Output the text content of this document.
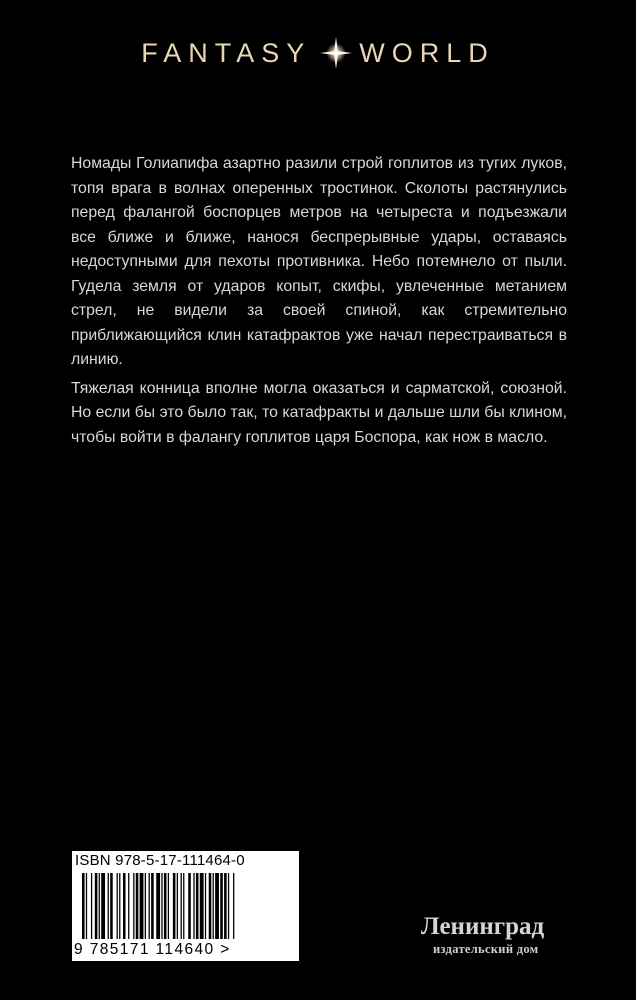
FANTASY WORLD

Номады Голиапифа азартно разили строй гоплитов из тугих луков, топя врага в волнах оперенных тростинок. Сколоты растянулись перед фалангой боспорцев метров на четыреста и подъезжали все ближе и ближе, нанося беспрерывные удары, оставаясь недоступными для пехоты противника. Небо потемнело от пыли. Гудела земля от ударов копыт, скифы, увлеченные метанием стрел, не видели за своей спиной, как стремительно приближающийся клин катафрактов уже начал перестраиваться в линию.

Тяжелая конница вполне могла оказаться и сарматской, союзной. Но если бы это было так, то катафракты и дальше шли бы клином, чтобы войти в фалангу гоплитов царя Боспора, как нож в масло.

ISBN 978-5-17-111464-0
9 785171 114640 >
Ленинград
издательский дом
